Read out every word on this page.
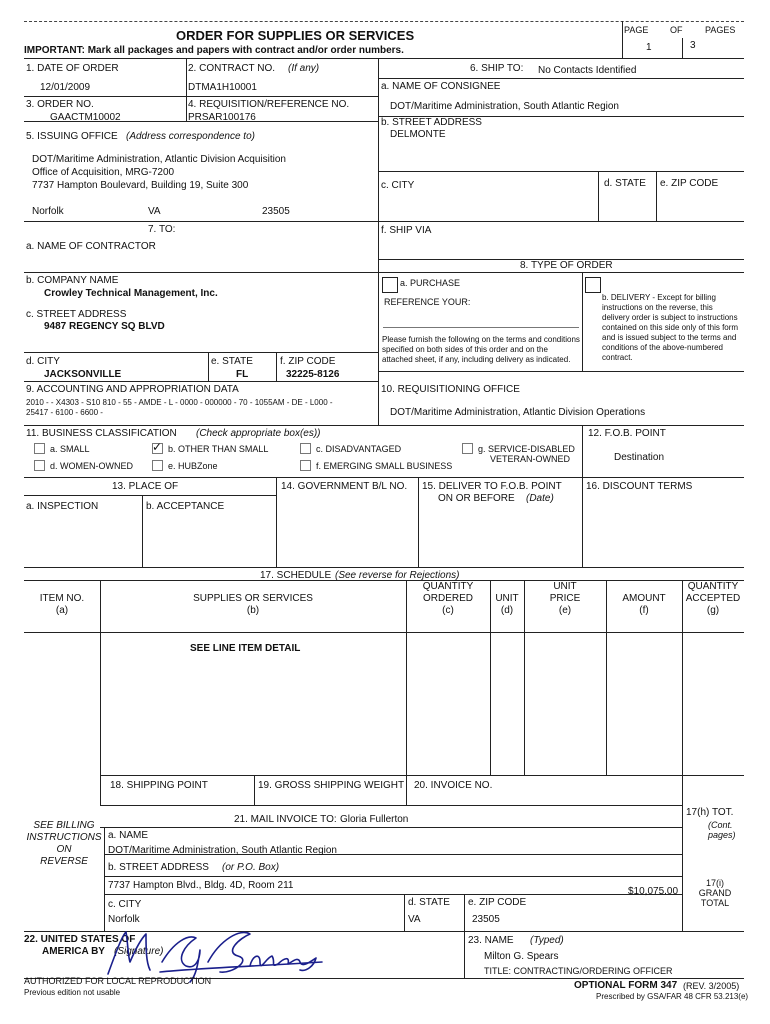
PAGE OF	PAGES
1	3
ORDER FOR SUPPLIES OR SERVICES
IMPORTANT: Mark all packages and papers with contract and/or order numbers.
1. DATE OF ORDER	2. CONTRACT NO. (If any)
12/01/2009	DTMA1H10001
3. ORDER NO.	4. REQUISITION/REFERENCE NO.
GAACTM10002	PRSAR100176
5. ISSUING OFFICE (Address correspondence to)
DOT/Maritime Administration, Atlantic Division Acquisition
Office of Acquisition, MRG-7200
7737 Hampton Boulevard, Building 19, Suite 300
Norfolk	VA	23505
6. SHIP TO: No Contacts Identified
a. NAME OF CONSIGNEE
DOT/Maritime Administration, South Atlantic Region
b. STREET ADDRESS
DELMONTE
c. CITY	d. STATE e. ZIP CODE
f. SHIP VIA
7. TO:
a. NAME OF CONTRACTOR
8. TYPE OF ORDER
b. COMPANY NAME
Crowley Technical Management, Inc.
c. STREET ADDRESS
9487 REGENCY SQ BLVD
d. CITY
JACKSONVILLE
e. STATE
FL
f. ZIP CODE
32225-8126
a. PURCHASE
REFERENCE YOUR:
Please furnish the following on the terms and conditions specified on both sides of this order and on the attached sheet, if any, including delivery as indicated.
b. DELIVERY - Except for billing instructions on the reverse, this delivery order is subject to instructions contained on this side only of this form and is issued subject to the terms and conditions of the above-numbered contract.
9. ACCOUNTING AND APPROPRIATION DATA
2010 - - X4303 - S10 810 - 55 - AMDE - L - 0000 - 000000 - 70 - 1055AM - DE - L000 -
25417 - 6100 - 6600 -
10. REQUISITIONING OFFICE
DOT/Maritime Administration, Atlantic Division Operations
11. BUSINESS CLASSIFICATION (Check appropriate box(es))
a. SMALL	✓ b. OTHER THAN SMALL	c. DISADVANTAGED	g. SERVICE-DISABLED
VETERAN-OWNED
d. WOMEN-OWNED	e. HUBZone	f. EMERGING SMALL BUSINESS
12. F.O.B. POINT
Destination
13. PLACE OF
a. INSPECTION	b. ACCEPTANCE
14. GOVERNMENT B/L NO. 15. DELIVER TO F.O.B. POINT
ON OR BEFORE (Date)
16. DISCOUNT TERMS
17. SCHEDULE (See reverse for Rejections)
ITEM NO.
(a)
SUPPLIES OR SERVICES
(b)
QUANTITY
ORDERED
(c)
UNIT
(d)
UNIT
PRICE
(e)
AMOUNT
(f)
QUANTITY
ACCEPTED
(g)
SEE LINE ITEM DETAIL
18. SHIPPING POINT	19. GROSS SHIPPING WEIGHT 20. INVOICE NO.
17(h) TOT.
(Cont.
pages)
SEE BILLING
INSTRUCTIONS
ON
REVERSE
21. MAIL INVOICE TO: Gloria Fullerton
a. NAME
DOT/Maritime Administration, South Atlantic Region
b. STREET ADDRESS (or P.O. Box)
7737 Hampton Blvd., Bldg. 4D, Room 211
c. CITY
Norfolk
d. STATE
VA
e. ZIP CODE
23505
$10,075.00
17(i)
GRAND
TOTAL
22. UNITED STATES OF
AMERICA BY (Signature)
23. NAME (Typed)
Milton G. Spears
TITLE: CONTRACTING/ORDERING OFFICER
AUTHORIZED FOR LOCAL REPRODUCTION
Previous edition not usable
OPTIONAL FORM 347 (REV. 3/2005)
Prescribed by GSA/FAR 48 CFR 53.213(e)
